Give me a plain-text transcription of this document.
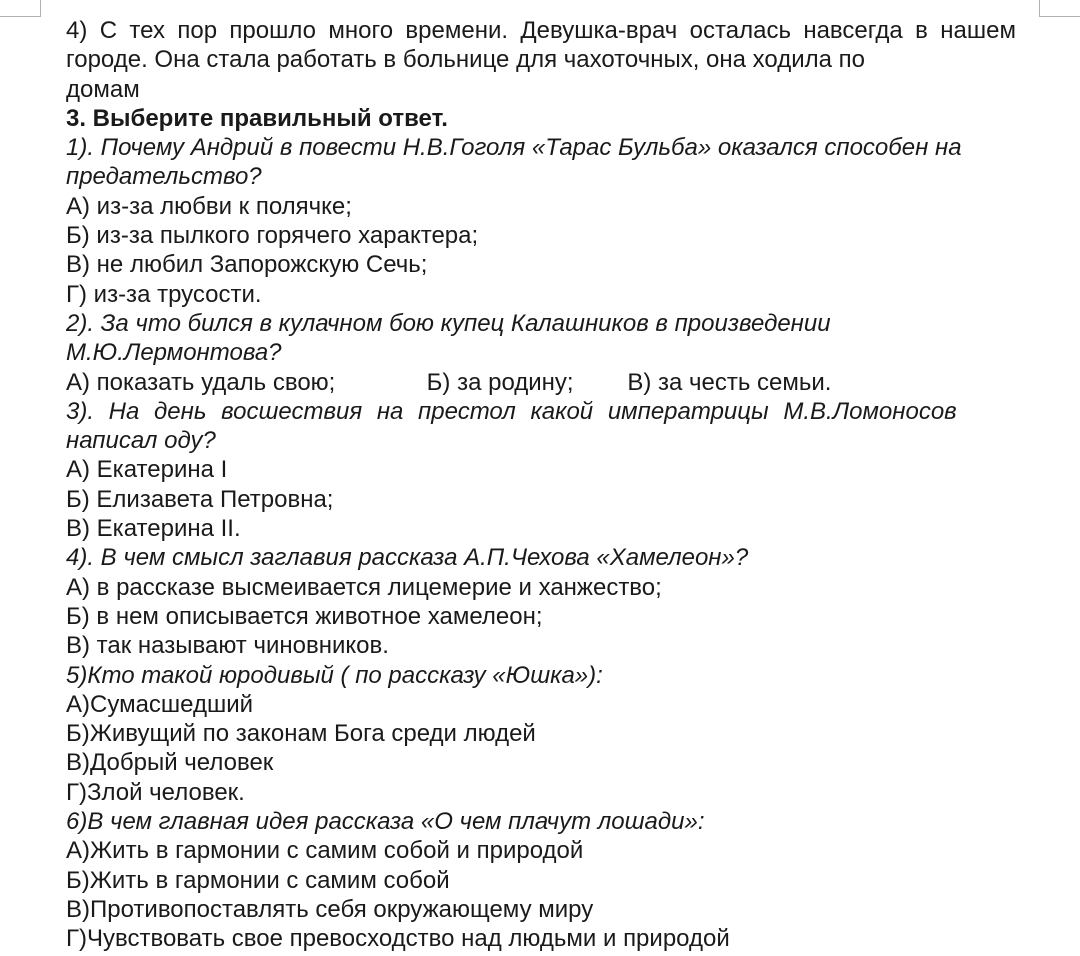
4) С тех пор прошло много времени. Девушка-врач осталась навсегда в нашем городе. Она стала работать в больнице для чахоточных, она ходила по
домам
3. Выберите правильный ответ.
1). Почему Андрий в повести Н.В.Гоголя «Тарас Бульба» оказался способен на
предательство?
А) из-за любви к полячке;
Б) из-за пылкого горячего характера;
В) не любил Запорожскую Сечь;
Г) из-за трусости.
2). За что бился в кулачном бою купец Калашников в произведении
М.Ю.Лермонтова?
А) показать удаль свою;	Б) за родину; В) за честь семьи.
3). На день восшествия на престол какой императрицы М.В.Ломоносов
написал оду?
А) Екатерина I
Б) Елизавета Петровна;
В) Екатерина II.
4). В чем смысл заглавия рассказа А.П.Чехова «Хамелеон»?
А) в рассказе высмеивается лицемерие и ханжество;
Б) в нем описывается животное хамелеон;
В) так называют чиновников.
5)Кто такой юродивый ( по рассказу «Юшка»):
А)Сумасшедший
Б)Живущий по законам Бога среди людей
В)Добрый человек
Г)Злой человек.
6)В чем главная идея рассказа «О чем плачут лошади»:
А)Жить в гармонии с самим собой и природой
Б)Жить в гармонии с самим собой
В)Противопоставлять себя окружающему миру
Г)Чувствовать свое превосходство над людьми и природой
